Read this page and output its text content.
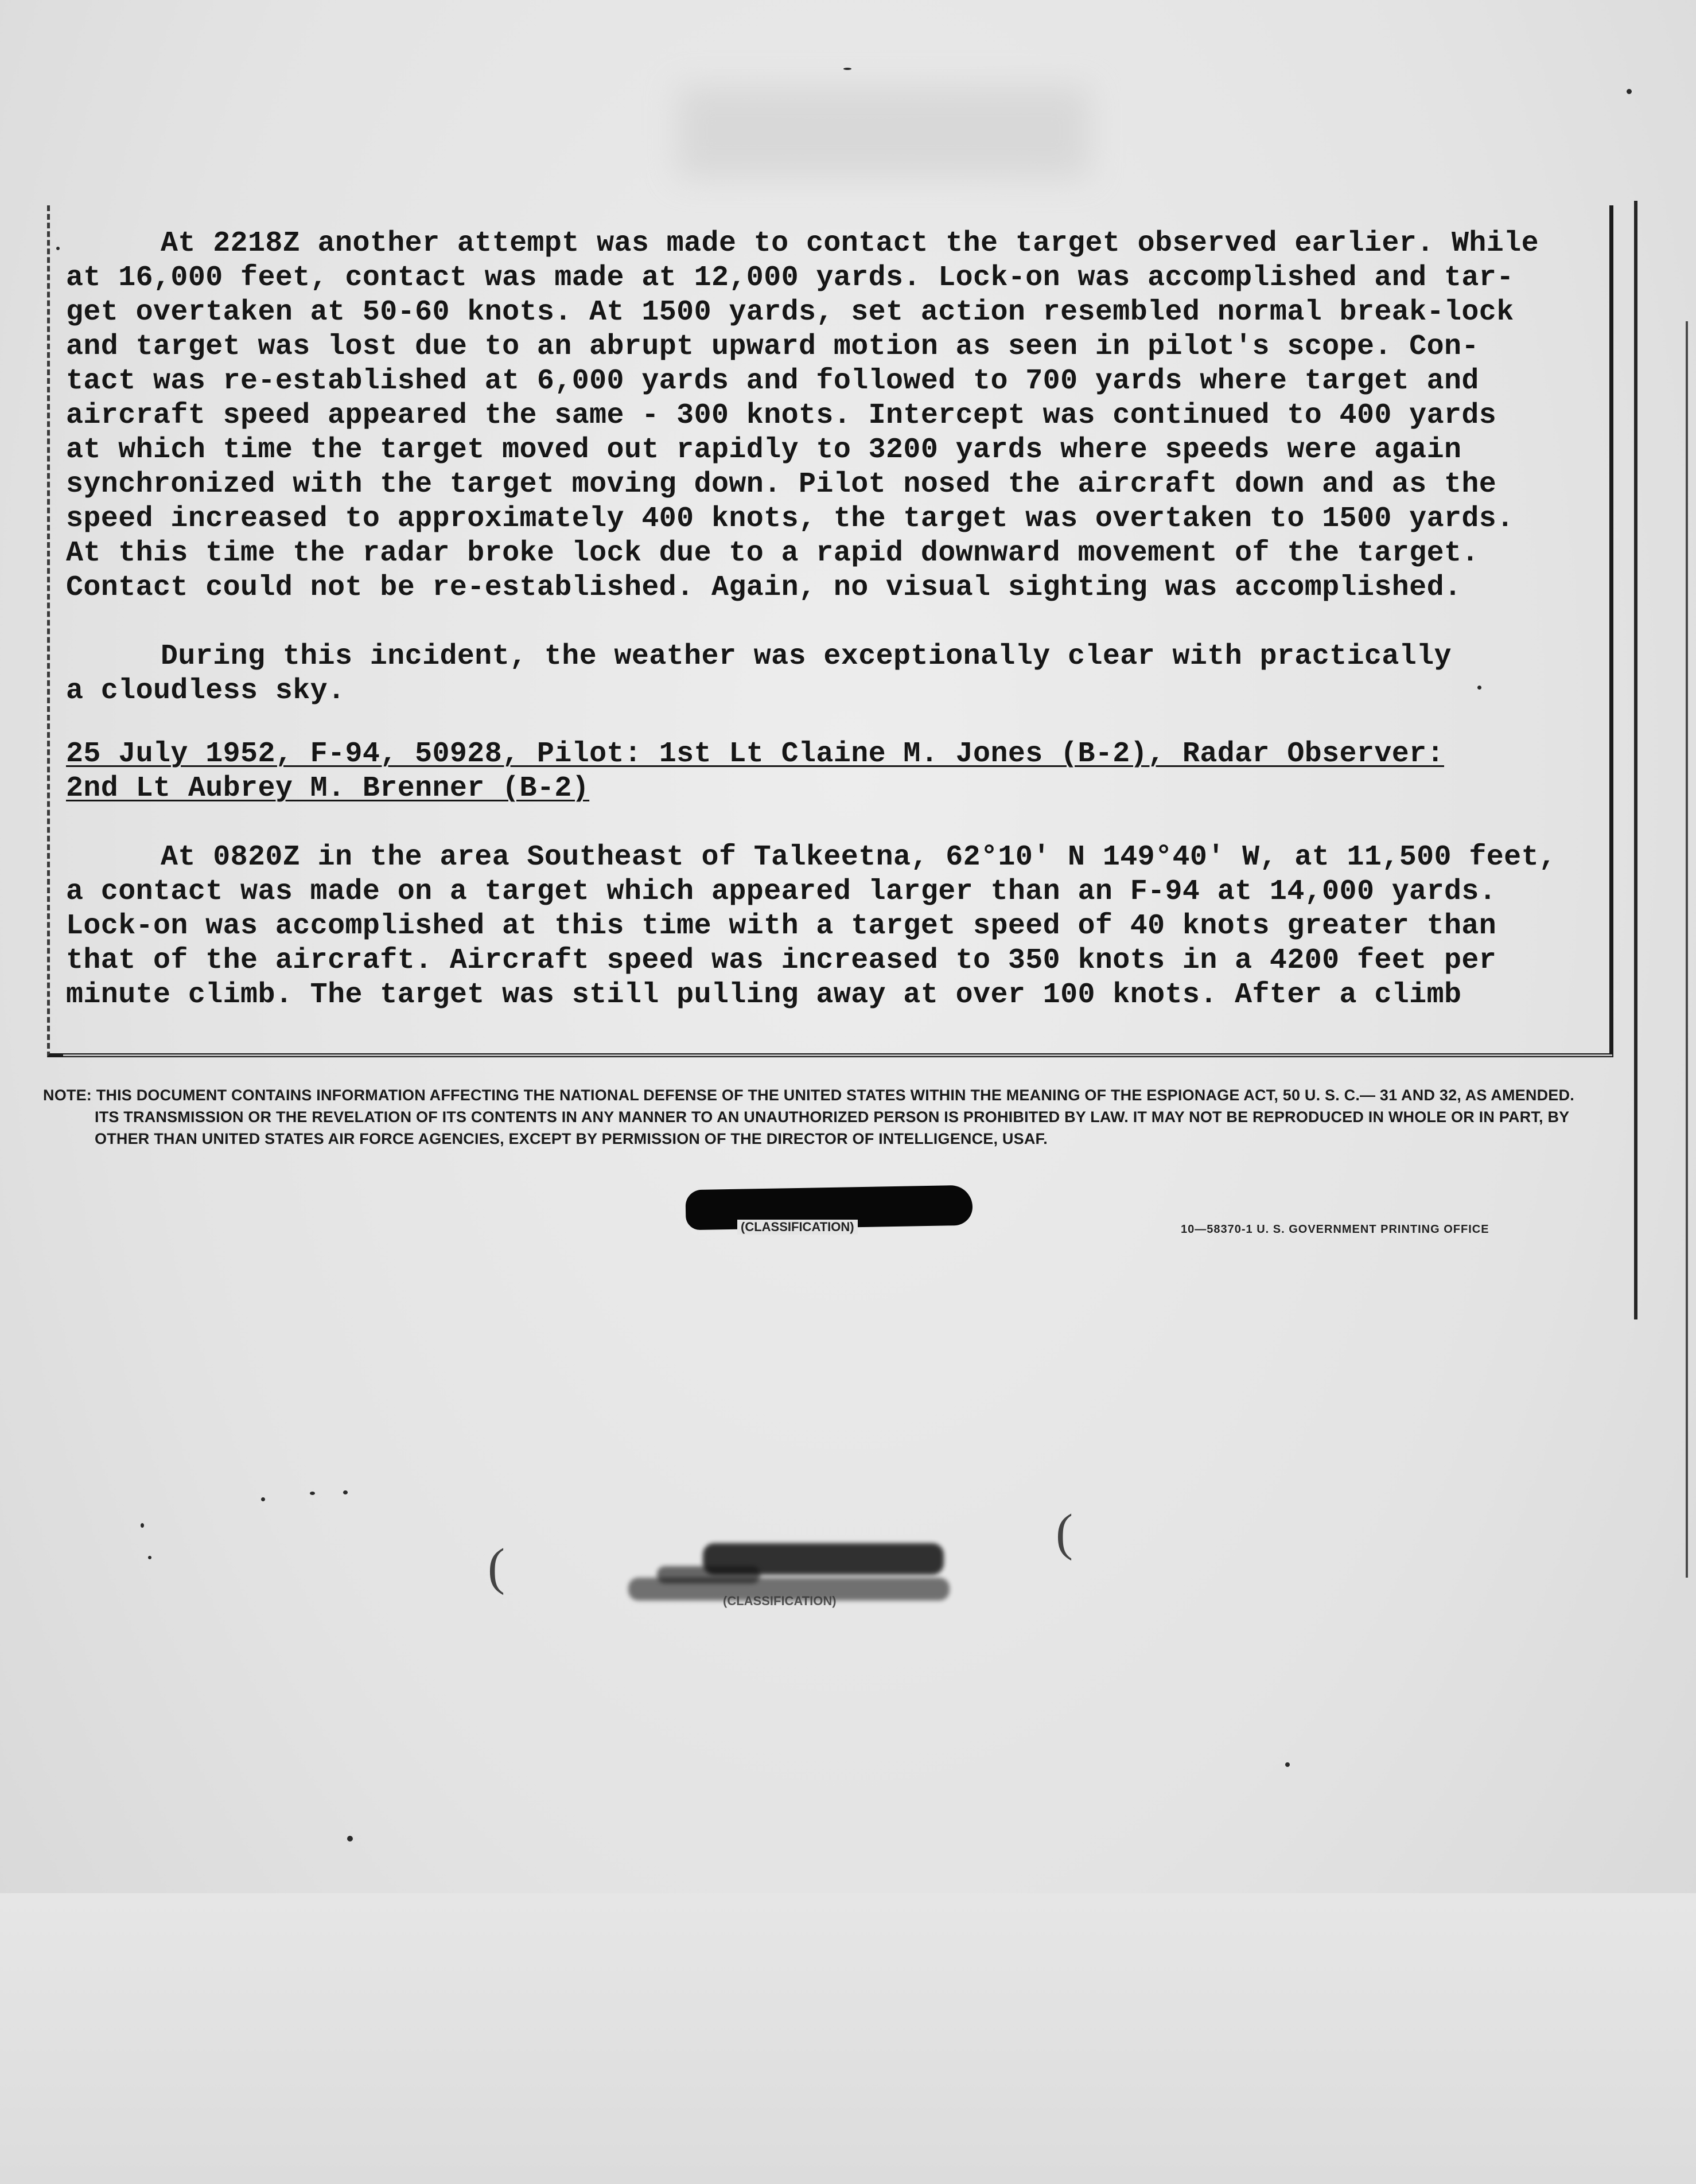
At 2218Z another attempt was made to contact the target observed earlier. While
at 16,000 feet, contact was made at 12,000 yards. Lock-on was accomplished and tar-
get overtaken at 50-60 knots. At 1500 yards, set action resembled normal break-lock
and target was lost due to an abrupt upward motion as seen in pilot's scope. Con-
tact was re-established at 6,000 yards and followed to 700 yards where target and
aircraft speed appeared the same - 300 knots. Intercept was continued to 400 yards
at which time the target moved out rapidly to 3200 yards where speeds were again
synchronized with the target moving down. Pilot nosed the aircraft down and as the
speed increased to approximately 400 knots, the target was overtaken to 1500 yards.
At this time the radar broke lock due to a rapid downward movement of the target.
Contact could not be re-established. Again, no visual sighting was accomplished.
During this incident, the weather was exceptionally clear with practically
a cloudless sky.
25 July 1952, F-94, 50928, Pilot: 1st Lt Claine M. Jones (B-2), Radar Observer:
2nd Lt Aubrey M. Brenner (B-2)
At 0820Z in the area Southeast of Talkeetna, 62°10' N 149°40' W, at 11,500 feet,
a contact was made on a target which appeared larger than an F-94 at 14,000 yards.
Lock-on was accomplished at this time with a target speed of 40 knots greater than
that of the aircraft. Aircraft speed was increased to 350 knots in a 4200 feet per
minute climb. The target was still pulling away at over 100 knots. After a climb
NOTE: THIS DOCUMENT CONTAINS INFORMATION AFFECTING THE NATIONAL DEFENSE OF THE UNITED STATES WITHIN THE MEANING OF THE ESPIONAGE ACT, 50 U. S. C.— 31 AND 32, AS AMENDED. ITS TRANSMISSION OR THE REVELATION OF ITS CONTENTS IN ANY MANNER TO AN UNAUTHORIZED PERSON IS PROHIBITED BY LAW. IT MAY NOT BE REPRODUCED IN WHOLE OR IN PART, BY OTHER THAN UNITED STATES AIR FORCE AGENCIES, EXCEPT BY PERMISSION OF THE DIRECTOR OF INTELLIGENCE, USAF.
(CLASSIFICATION)	10—58370-1 U. S. GOVERNMENT PRINTING OFFICE
(CLASSIFICATION)
(
(
